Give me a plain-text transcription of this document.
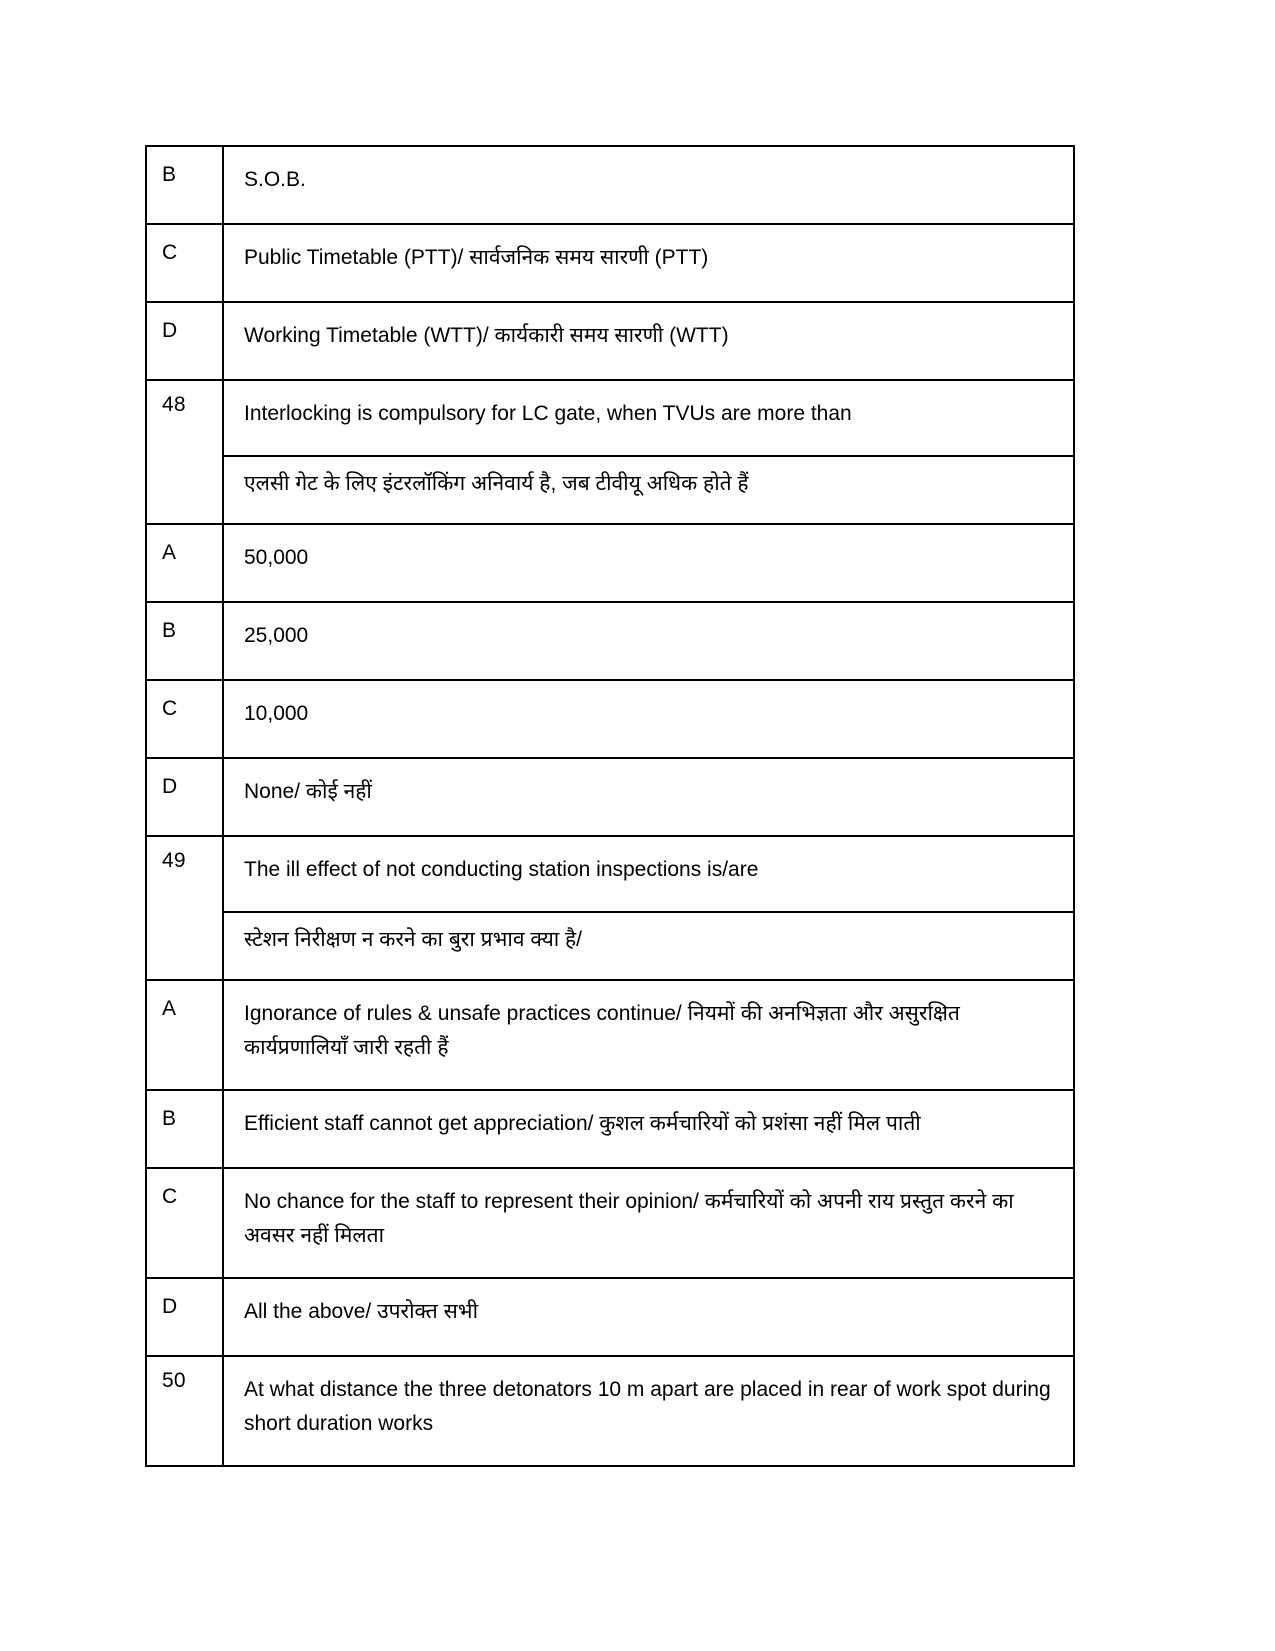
B	S.O.B.
C	Public Timetable (PTT)/ सार्वजनिक समय सारणी (PTT)
D	Working Timetable (WTT)/ कार्यकारी समय सारणी (WTT)
48	Interlocking is compulsory for LC gate, when TVUs are more than
	एलसी गेट के लिए इंटरलॉकिंग अनिवार्य है, जब टीवीयू अधिक होते हैं
A	50,000
B	25,000
C	10,000
D	None/ कोई नहीं
49	The ill effect of not conducting station inspections is/are
	स्टेशन निरीक्षण न करने का बुरा प्रभाव क्या है/
A	Ignorance of rules & unsafe practices continue/ नियमों की अनभिज्ञता और असुरक्षित कार्यप्रणालियाँ जारी रहती हैं
B	Efficient staff cannot get appreciation/ कुशल कर्मचारियों को प्रशंसा नहीं मिल पाती
C	No chance for the staff to represent their opinion/ कर्मचारियों को अपनी राय प्रस्तुत करने का अवसर नहीं मिलता
D	All the above/ उपरोक्त सभी
50	At what distance the three detonators 10 m apart are placed in rear of work spot during short duration works
